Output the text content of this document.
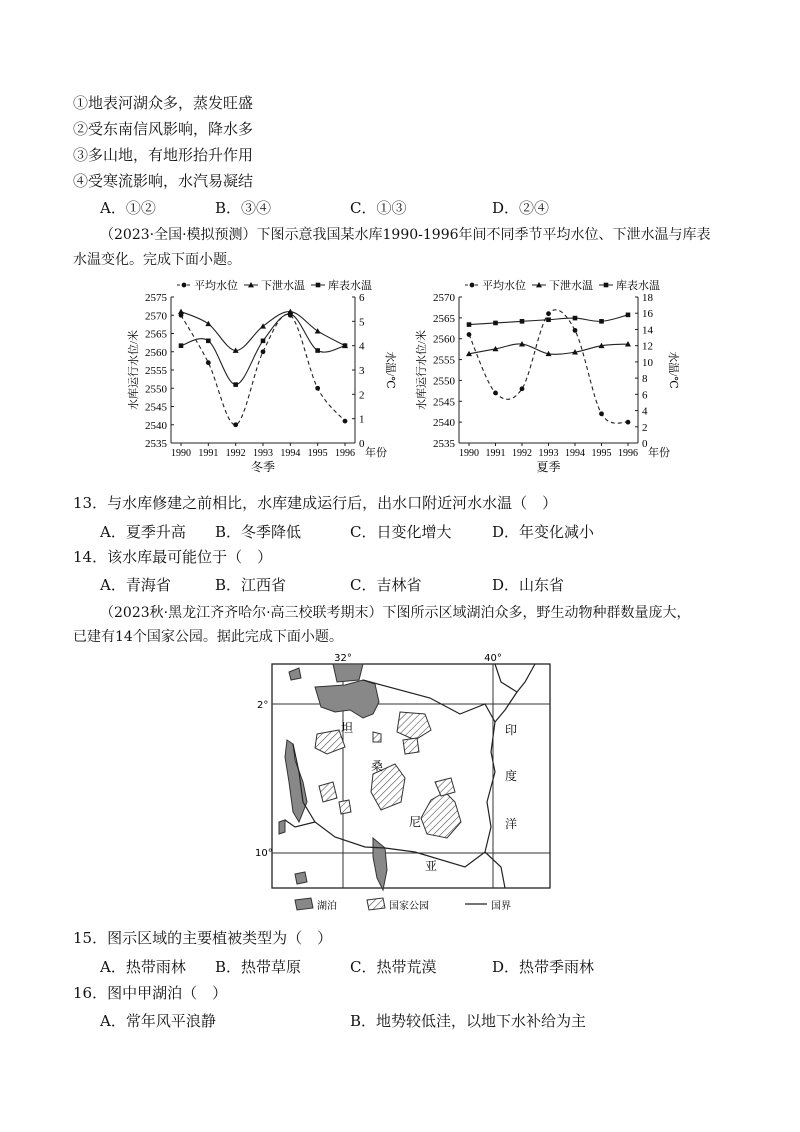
①地表河湖众多，蒸发旺盛
②受东南信风影响，降水多
③多山地，有地形抬升作用
④受寒流影响，水汽易凝结
A．①②	B．③④	C．①③	D．②④
（2023·全国·模拟预测）下图示意我国某水库1990-1996年间不同季节平均水位、下泄水温与库表
水温变化。完成下面小题。
2535
2540
2545
2550
2555
2560
2565
2570
2575
0
1
2
3
4
5
6
1990 1991 1992 1993 1994 1995 1996 年份
冬季
水库运行水位/米	水温/℃
平均水位 下泄水温 库表水温
2535
2540
2545
2550
2555
2560
2565
2570
0
2
4
6
8
10
12
14
16
18
1990 1991 1992 1993 1994 1995 1996 年份
夏季
水库运行水位/米	水温/℃
平均水位 下泄水温 库表水温
13．与水库修建之前相比，水库建成运行后，出水口附近河水水温（　）
A．夏季升高 B．冬季降低	C．日变化增大	D．年变化减小
14．该水库最可能位于（　）
A．青海省	B．江西省	C．吉林省	D．山东省
（2023秋·黑龙江齐齐哈尔·高三校联考期末）下图所示区域湖泊众多，野生动物种群数量庞大，
已建有14个国家公园。据此完成下面小题。
32°	40°
2°
10°
坦
桑
尼
亚
印
度
洋
湖泊	国家公园	国界
15．图示区域的主要植被类型为（　）
A．热带雨林 B．热带草原	C．热带荒漠	D．热带季雨林
16．图中甲湖泊（　）
A．常年风平浪静	B．地势较低洼，以地下水补给为主
